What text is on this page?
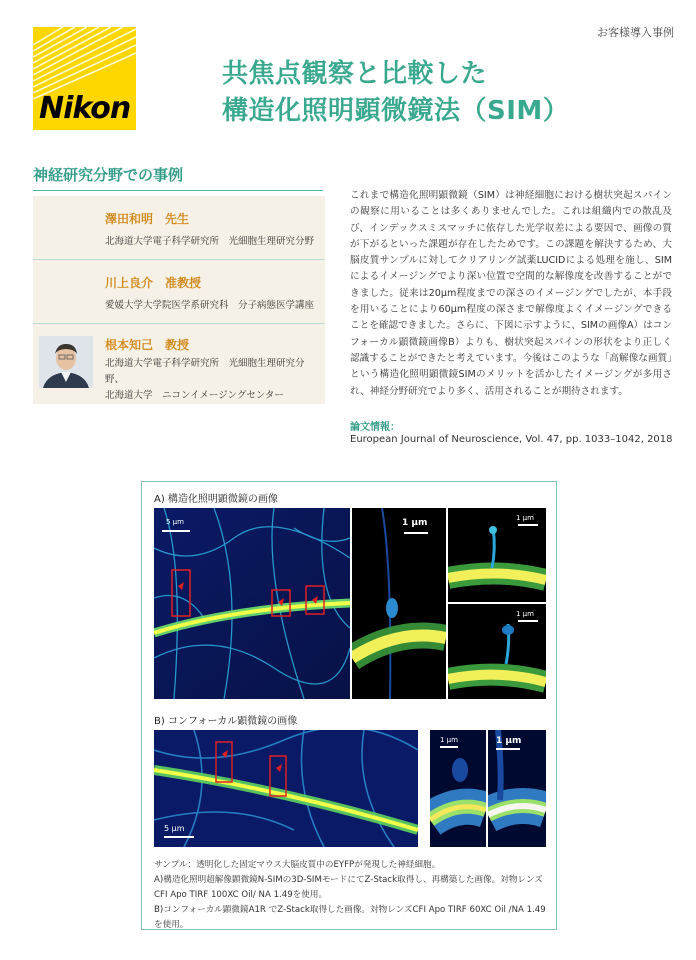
お客様導入事例
Nikon
共焦点観察と比較した
構造化照明顕微鏡法（SIM）
神経研究分野での事例
澤田和明　先生
北海道大学電子科学研究所　光細胞生理研究分野
川上良介　准教授
愛媛大学大学院医学系研究科　分子病態医学講座
根本知己　教授
北海道大学電子科学研究所　光細胞生理研究分野、
北海道大学　ニコンイメージングセンター
これまで構造化照明顕微鏡（SIM）は神経細胞における樹状突起スパインの観察に用いることは多くありませんでした。これは組織内での散乱及び、インデックスミスマッチに依存した光学収差による要因で、画像の質が下がるといった課題が存在したためです。この課題を解決するため、大脳皮質サンプルに対してクリアリング試薬LUCIDによる処理を施し、SIMによるイメージングでより深い位置で空間的な解像度を改善することができました。従来は20μm程度までの深さのイメージングでしたが、本手段を用いることにより60μm程度の深さまで解像度よくイメージングできることを確認できました。さらに、下図に示すように、SIMの画像A）はコンフォーカル顕微鏡画像B）よりも、樹状突起スパインの形状をより正しく認識することができたと考えています。今後はこのような「高解像な画質」という構造化照明顕微鏡SIMのメリットを活かしたイメージングが多用され、神経分野研究でより多く、活用されることが期待されます。
論文情報：
European Journal of Neuroscience, Vol. 47, pp. 1033–1042, 2018
A) 構造化照明顕微鏡の画像
5 μm	1 μm	1 μm
1 μm
B) コンフォーカル顕微鏡の画像
5 μm
1 μm	1 μm
サンプル：透明化した固定マウス大脳皮質中のEYFPが発現した神経細胞。
A)構造化照明超解像顕微鏡N-SIMの3D-SIMモードにてZ-Stack取得し、再構築した画像。対物レンズ CFI Apo TIRF 100XC Oil/ NA 1.49を使用。
B)コンフォーカル顕微鏡A1R でZ-Stack取得した画像。対物レンズCFI Apo TIRF 60XC Oil /NA 1.49を使用。
